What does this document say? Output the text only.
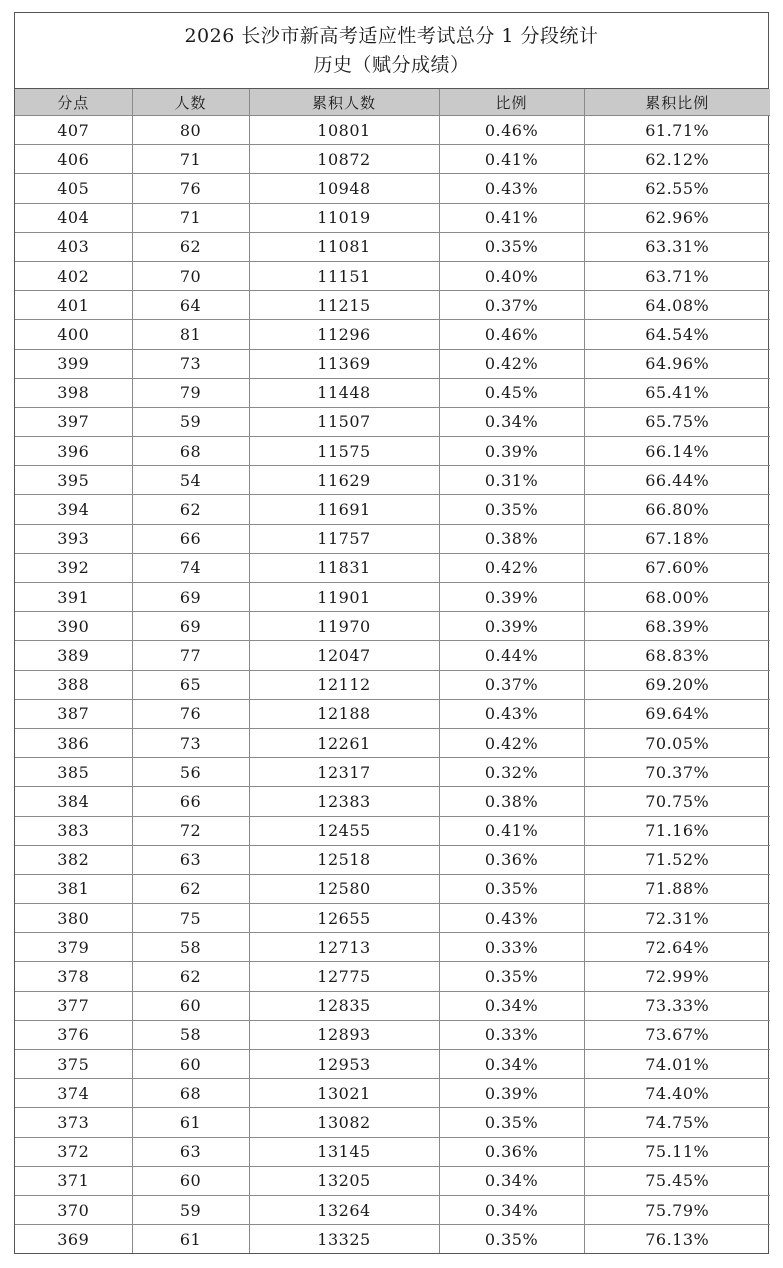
2026 长沙市新高考适应性考试总分 1 分段统计
历史（赋分成绩）
分点	人数	累积人数	比例	累积比例
407	80	10801	0.46%	61.71%
406	71	10872	0.41%	62.12%
405	76	10948	0.43%	62.55%
404	71	11019	0.41%	62.96%
403	62	11081	0.35%	63.31%
402	70	11151	0.40%	63.71%
401	64	11215	0.37%	64.08%
400	81	11296	0.46%	64.54%
399	73	11369	0.42%	64.96%
398	79	11448	0.45%	65.41%
397	59	11507	0.34%	65.75%
396	68	11575	0.39%	66.14%
395	54	11629	0.31%	66.44%
394	62	11691	0.35%	66.80%
393	66	11757	0.38%	67.18%
392	74	11831	0.42%	67.60%
391	69	11901	0.39%	68.00%
390	69	11970	0.39%	68.39%
389	77	12047	0.44%	68.83%
388	65	12112	0.37%	69.20%
387	76	12188	0.43%	69.64%
386	73	12261	0.42%	70.05%
385	56	12317	0.32%	70.37%
384	66	12383	0.38%	70.75%
383	72	12455	0.41%	71.16%
382	63	12518	0.36%	71.52%
381	62	12580	0.35%	71.88%
380	75	12655	0.43%	72.31%
379	58	12713	0.33%	72.64%
378	62	12775	0.35%	72.99%
377	60	12835	0.34%	73.33%
376	58	12893	0.33%	73.67%
375	60	12953	0.34%	74.01%
374	68	13021	0.39%	74.40%
373	61	13082	0.35%	74.75%
372	63	13145	0.36%	75.11%
371	60	13205	0.34%	75.45%
370	59	13264	0.34%	75.79%
369	61	13325	0.35%	76.13%
